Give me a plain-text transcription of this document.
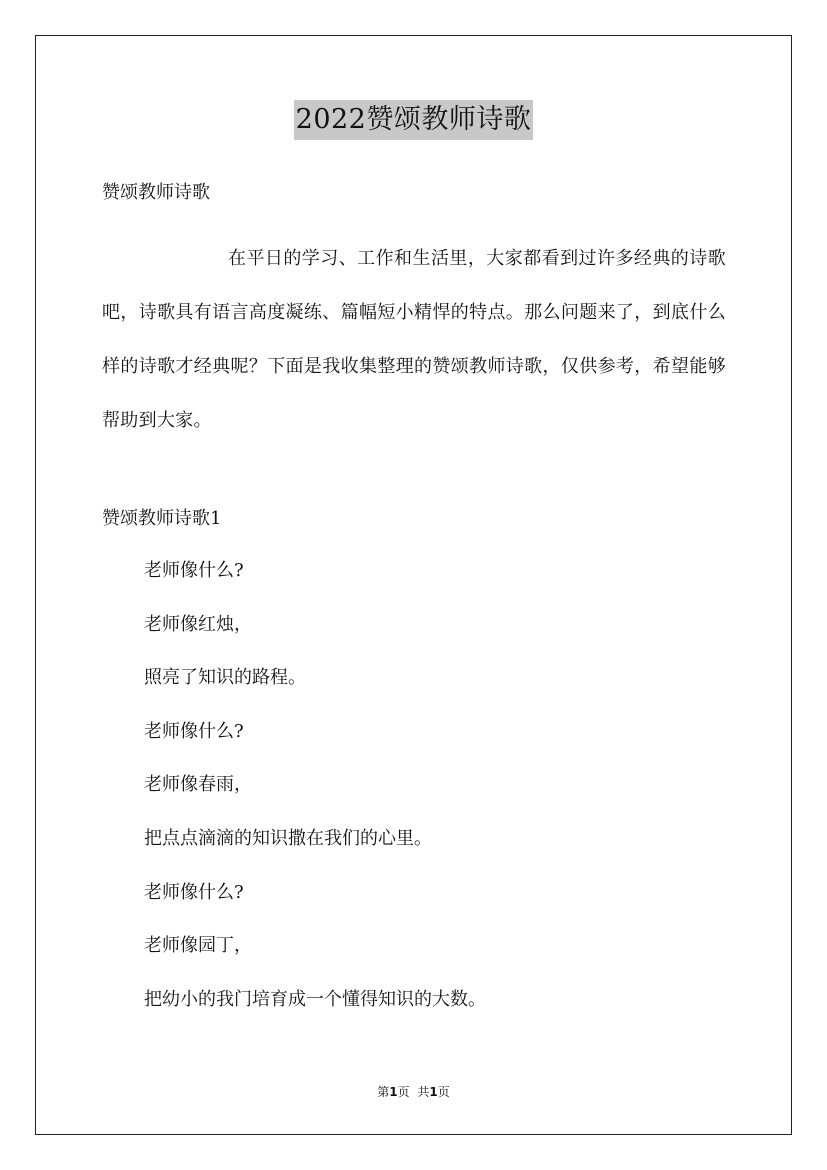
2022赞颂教师诗歌
赞颂教师诗歌

在平日的学习、工作和生活里，大家都看到过许多经典的诗歌吧，诗歌具有语言高度凝练、篇幅短小精悍的特点。那么问题来了，到底什么样的诗歌才经典呢？下面是我收集整理的赞颂教师诗歌，仅供参考，希望能够帮助到大家。

赞颂教师诗歌1
老师像什么?
老师像红烛，
照亮了知识的路程。
老师像什么?
老师像春雨，
把点点滴滴的知识撒在我们的心里。
老师像什么?
老师像园丁，
把幼小的我门培育成一个懂得知识的大数。
第1页 共1页
